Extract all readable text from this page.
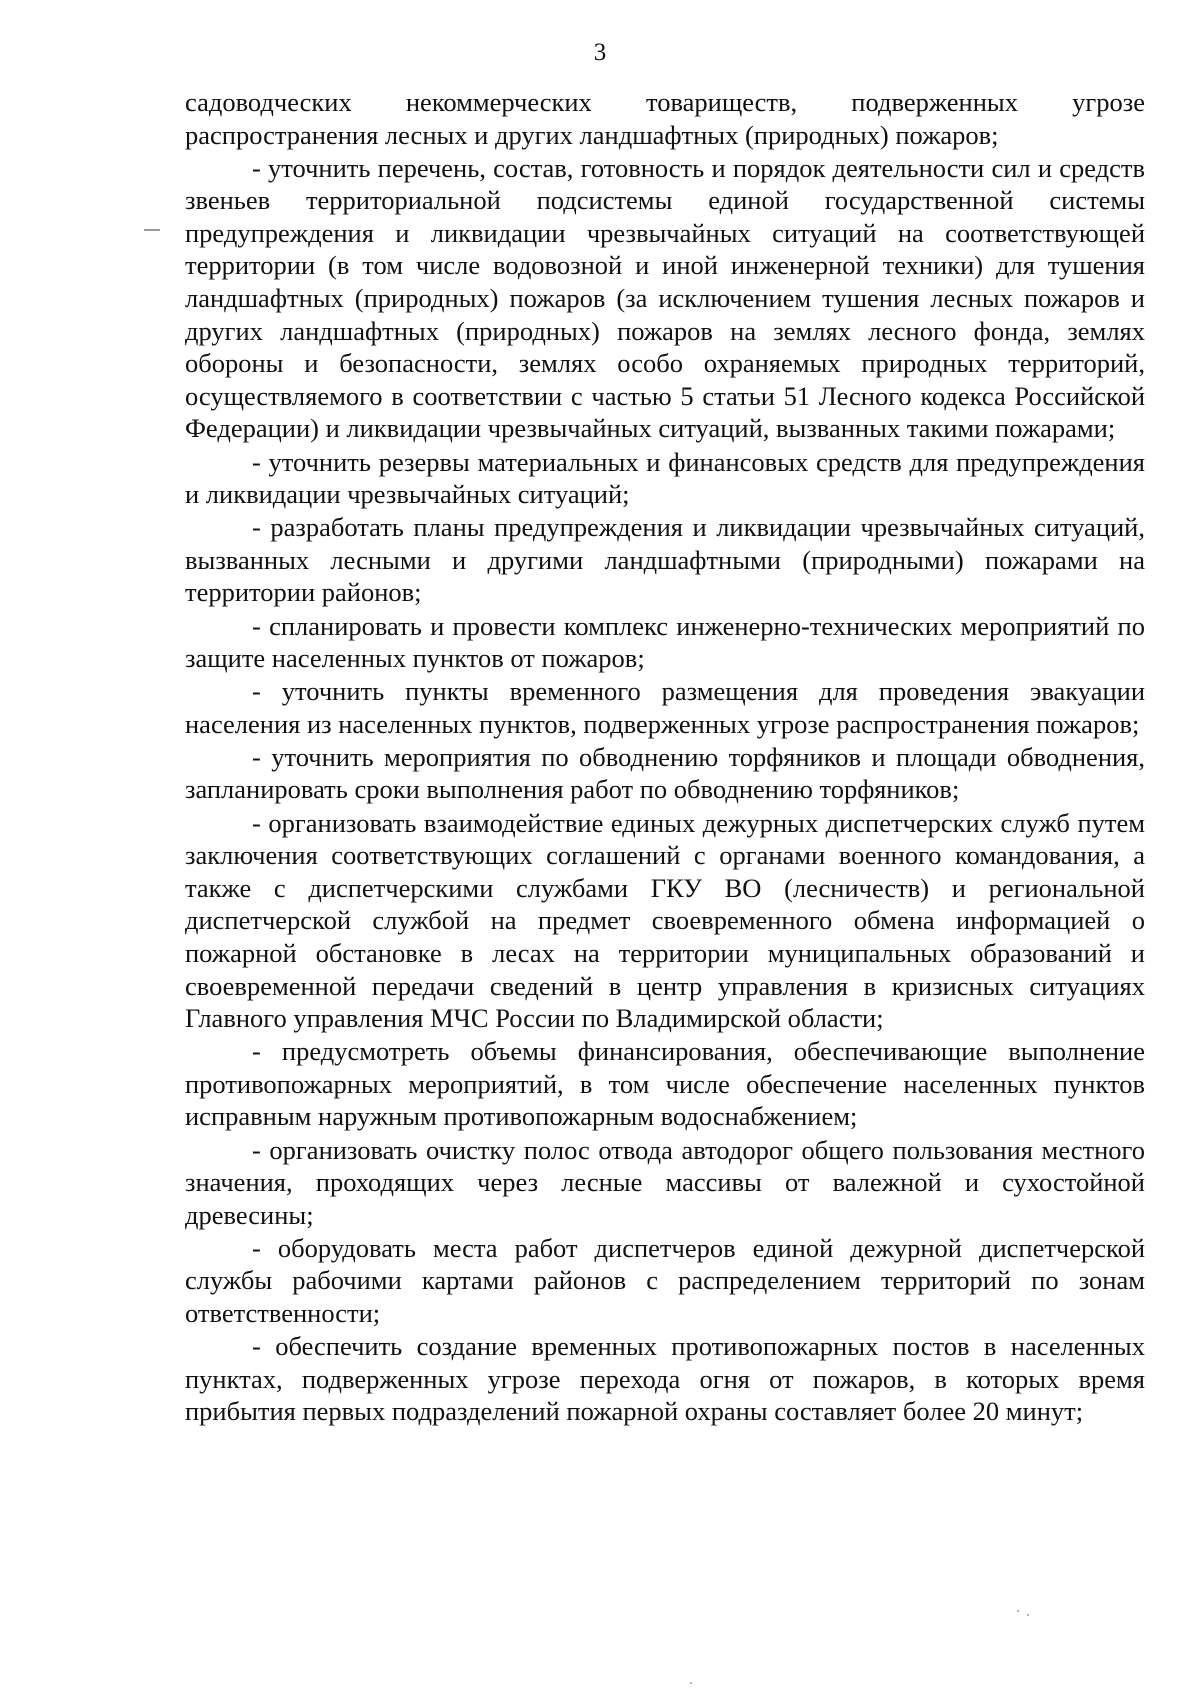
3

садоводческих некоммерческих товариществ, подверженных угрозе распространения лесных и других ландшафтных (природных) пожаров;

- уточнить перечень, состав, готовность и порядок деятельности сил и средств звеньев территориальной подсистемы единой государственной системы предупреждения и ликвидации чрезвычайных ситуаций на соответствующей территории (в том числе водовозной и иной инженерной техники) для тушения ландшафтных (природных) пожаров (за исключением тушения лесных пожаров и других ландшафтных (природных) пожаров на землях лесного фонда, землях обороны и безопасности, землях особо охраняемых природных территорий, осуществляемого в соответствии с частью 5 статьи 51 Лесного кодекса Российской Федерации) и ликвидации чрезвычайных ситуаций, вызванных такими пожарами;

- уточнить резервы материальных и финансовых средств для предупреждения и ликвидации чрезвычайных ситуаций;

- разработать планы предупреждения и ликвидации чрезвычайных ситуаций, вызванных лесными и другими ландшафтными (природными) пожарами на территории районов;

- спланировать и провести комплекс инженерно-технических мероприятий по защите населенных пунктов от пожаров;

- уточнить пункты временного размещения для проведения эвакуации населения из населенных пунктов, подверженных угрозе распространения пожаров;

- уточнить мероприятия по обводнению торфяников и площади обводнения, запланировать сроки выполнения работ по обводнению торфяников;

- организовать взаимодействие единых дежурных диспетчерских служб путем заключения соответствующих соглашений с органами военного командования, а также с диспетчерскими службами ГКУ ВО (лесничеств) и региональной диспетчерской службой на предмет своевременного обмена информацией о пожарной обстановке в лесах на территории муниципальных образований и своевременной передачи сведений в центр управления в кризисных ситуациях Главного управления МЧС России по Владимирской области;

- предусмотреть объемы финансирования, обеспечивающие выполнение противопожарных мероприятий, в том числе обеспечение населенных пунктов исправным наружным противопожарным водоснабжением;

- организовать очистку полос отвода автодорог общего пользования местного значения, проходящих через лесные массивы от валежной и сухостойной древесины;

- оборудовать места работ диспетчеров единой дежурной диспетчерской службы рабочими картами районов с распределением территорий по зонам ответственности;

- обеспечить создание временных противопожарных постов в населенных пунктах, подверженных угрозе перехода огня от пожаров, в которых время прибытия первых подразделений пожарной охраны составляет более 20 минут;
